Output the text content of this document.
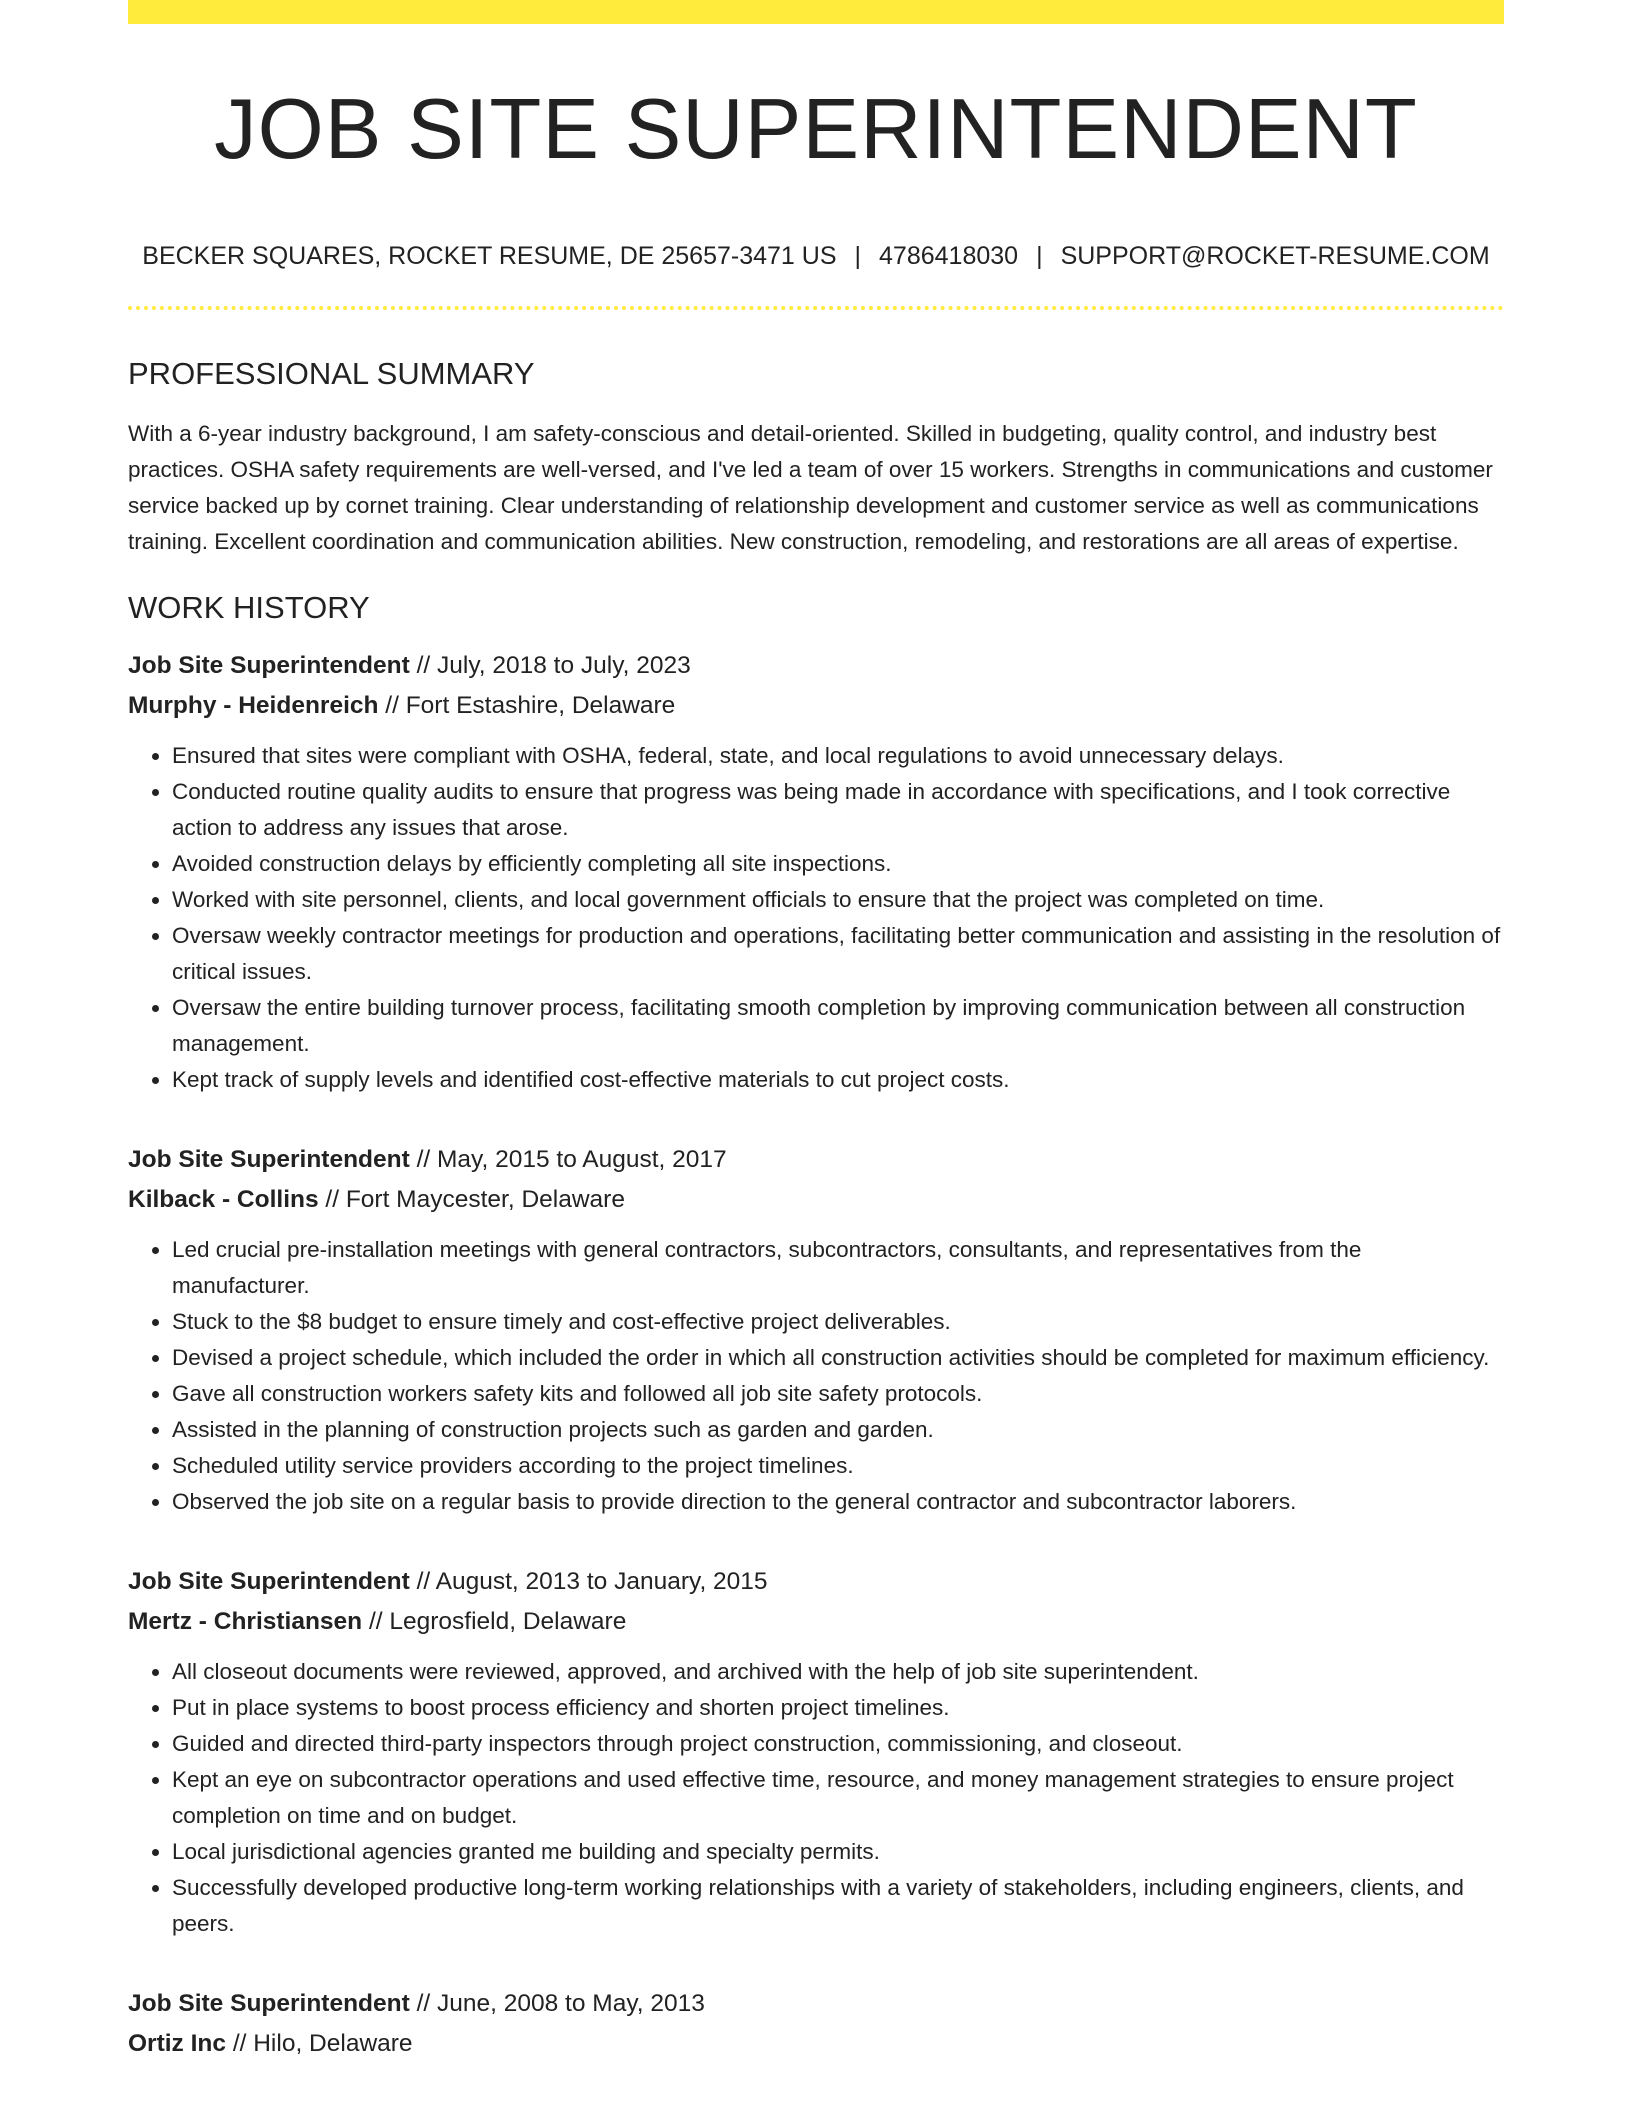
JOB SITE SUPERINTENDENT
BECKER SQUARES, ROCKET RESUME, DE 25657-3471 US | 4786418030 | SUPPORT@ROCKET-RESUME.COM
PROFESSIONAL SUMMARY
With a 6-year industry background, I am safety-conscious and detail-oriented. Skilled in budgeting, quality control, and industry best practices. OSHA safety requirements are well-versed, and I've led a team of over 15 workers. Strengths in communications and customer service backed up by cornet training. Clear understanding of relationship development and customer service as well as communications training. Excellent coordination and communication abilities. New construction, remodeling, and restorations are all areas of expertise.
WORK HISTORY
Job Site Superintendent // July, 2018 to July, 2023
Murphy - Heidenreich // Fort Estashire, Delaware
• Ensured that sites were compliant with OSHA, federal, state, and local regulations to avoid unnecessary delays.
• Conducted routine quality audits to ensure that progress was being made in accordance with specifications, and I took corrective action to address any issues that arose.
• Avoided construction delays by efficiently completing all site inspections.
• Worked with site personnel, clients, and local government officials to ensure that the project was completed on time.
• Oversaw weekly contractor meetings for production and operations, facilitating better communication and assisting in the resolution of critical issues.
• Oversaw the entire building turnover process, facilitating smooth completion by improving communication between all construction management.
• Kept track of supply levels and identified cost-effective materials to cut project costs.
Job Site Superintendent // May, 2015 to August, 2017
Kilback - Collins // Fort Maycester, Delaware
• Led crucial pre-installation meetings with general contractors, subcontractors, consultants, and representatives from the manufacturer.
• Stuck to the $8 budget to ensure timely and cost-effective project deliverables.
• Devised a project schedule, which included the order in which all construction activities should be completed for maximum efficiency.
• Gave all construction workers safety kits and followed all job site safety protocols.
• Assisted in the planning of construction projects such as garden and garden.
• Scheduled utility service providers according to the project timelines.
• Observed the job site on a regular basis to provide direction to the general contractor and subcontractor laborers.
Job Site Superintendent // August, 2013 to January, 2015
Mertz - Christiansen // Legrosfield, Delaware
• All closeout documents were reviewed, approved, and archived with the help of job site superintendent.
• Put in place systems to boost process efficiency and shorten project timelines.
• Guided and directed third-party inspectors through project construction, commissioning, and closeout.
• Kept an eye on subcontractor operations and used effective time, resource, and money management strategies to ensure project completion on time and on budget.
• Local jurisdictional agencies granted me building and specialty permits.
• Successfully developed productive long-term working relationships with a variety of stakeholders, including engineers, clients, and peers.
Job Site Superintendent // June, 2008 to May, 2013
Ortiz Inc // Hilo, Delaware
